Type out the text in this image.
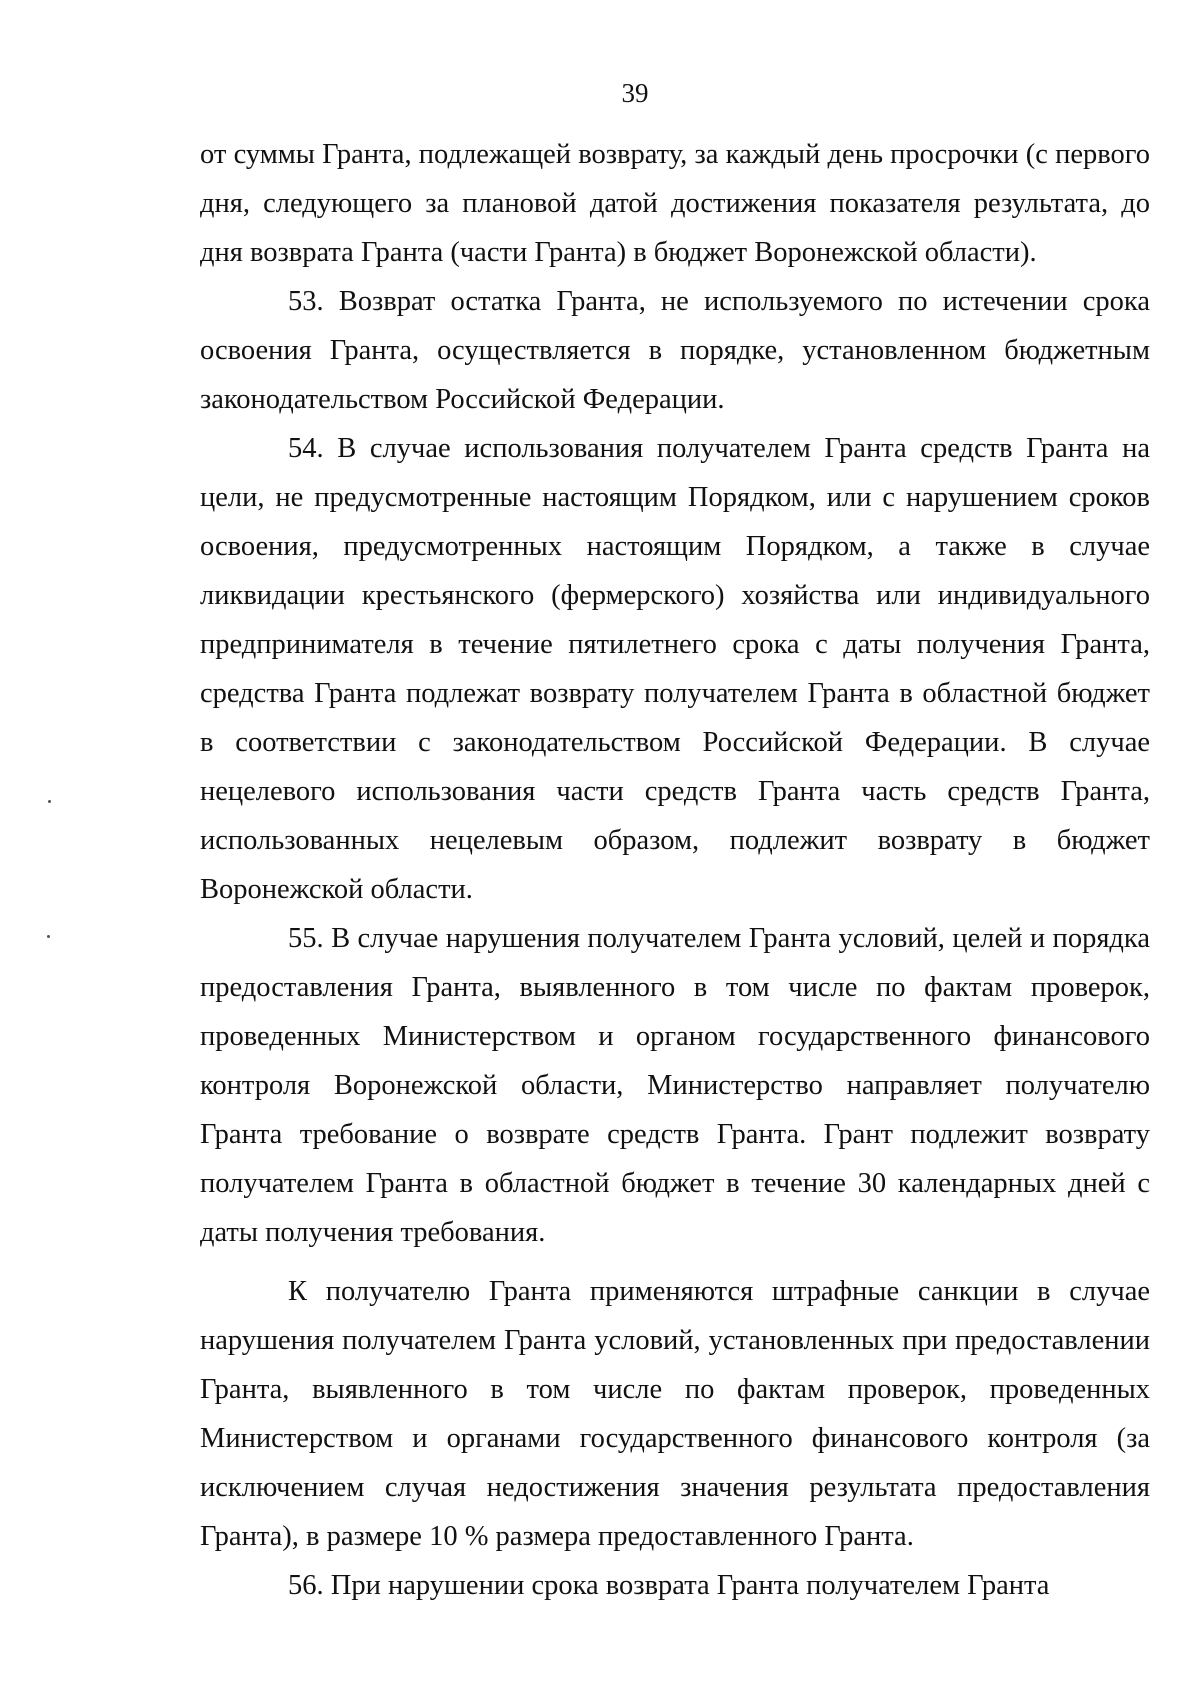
39

от суммы Гранта, подлежащей возврату, за каждый день просрочки (с первого дня, следующего за плановой датой достижения показателя результата, до дня возврата Гранта (части Гранта) в бюджет Воронежской области).

53. Возврат остатка Гранта, не используемого по истечении срока освоения Гранта, осуществляется в порядке, установленном бюджетным законодательством Российской Федерации.

54. В случае использования получателем Гранта средств Гранта на цели, не предусмотренные настоящим Порядком, или с нарушением сроков освоения, предусмотренных настоящим Порядком, а также в случае ликвидации крестьянского (фермерского) хозяйства или индивидуального предпринимателя в течение пятилетнего срока с даты получения Гранта, средства Гранта подлежат возврату получателем Гранта в областной бюджет в соответствии с законодательством Российской Федерации. В случае нецелевого использования части средств Гранта часть средств Гранта, использованных нецелевым образом, подлежит возврату в бюджет Воронежской области.

55. В случае нарушения получателем Гранта условий, целей и порядка предоставления Гранта, выявленного в том числе по фактам проверок, проведенных Министерством и органом государственного финансового контроля Воронежской области, Министерство направляет получателю Гранта требование о возврате средств Гранта. Грант подлежит возврату получателем Гранта в областной бюджет в течение 30 календарных дней с даты получения требования.

К получателю Гранта применяются штрафные санкции в случае нарушения получателем Гранта условий, установленных при предоставлении Гранта, выявленного в том числе по фактам проверок, проведенных Министерством и органами государственного финансового контроля (за исключением случая недостижения значения результата предоставления Гранта), в размере 10 % размера предоставленного Гранта.

56. При нарушении срока возврата Гранта получателем Гранта
